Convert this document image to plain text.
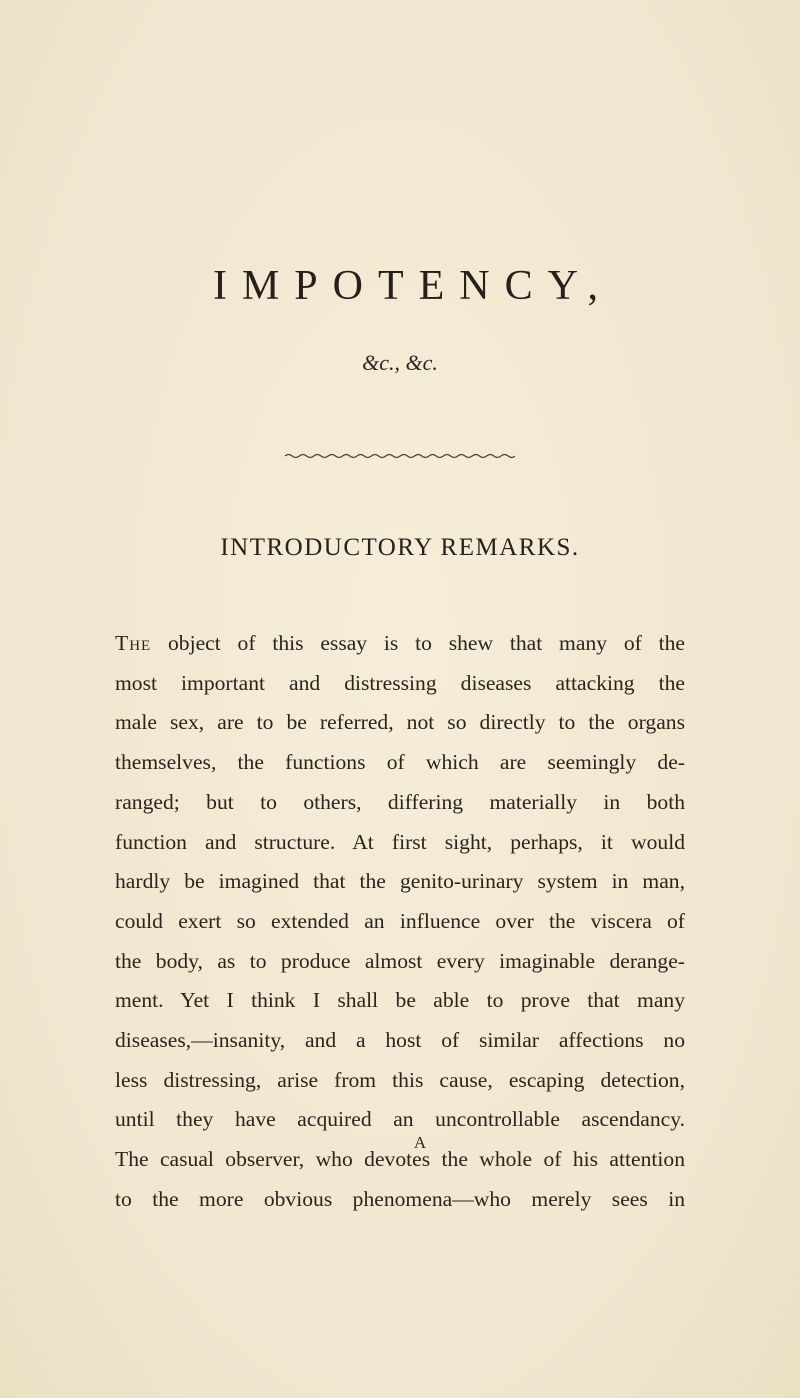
IMPOTENCY,
&c., &c.
INTRODUCTORY REMARKS.
The object of this essay is to shew that many of the
most important and distressing diseases attacking the
male sex, are to be referred, not so directly to the organs
themselves, the functions of which are seemingly de-
ranged; but to others, differing materially in both
function and structure. At first sight, perhaps, it would
hardly be imagined that the genito-urinary system in man,
could exert so extended an influence over the viscera of
the body, as to produce almost every imaginable derange-
ment. Yet I think I shall be able to prove that many
diseases,—insanity, and a host of similar affections no
less distressing, arise from this cause, escaping detection,
until they have acquired an uncontrollable ascendancy.
The casual observer, who devotes the whole of his attention
to the more obvious phenomena—who merely sees in
A
